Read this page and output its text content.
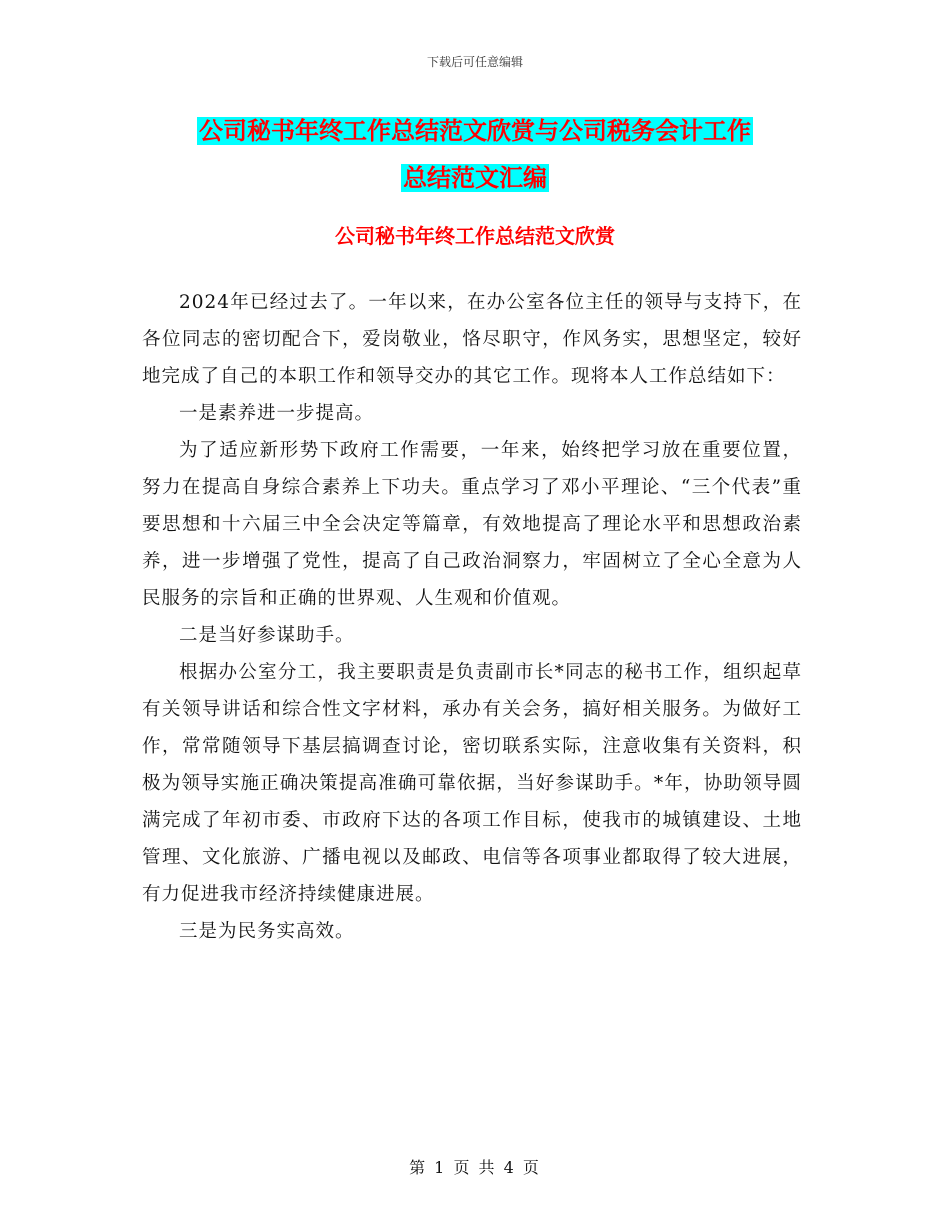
下载后可任意编辑
公司秘书年终工作总结范文欣赏与公司税务会计工作
总结范文汇编
公司秘书年终工作总结范文欣赏

2024年已经过去了。一年以来，在办公室各位主任的领导与支持下，在各位同志的密切配合下，爱岗敬业，恪尽职守，作风务实，思想坚定，较好地完成了自己的本职工作和领导交办的其它工作。现将本人工作总结如下：

一是素养进一步提高。

为了适应新形势下政府工作需要，一年来，始终把学习放在重要位置，努力在提高自身综合素养上下功夫。重点学习了邓小平理论、“三个代表”重要思想和十六届三中全会决定等篇章，有效地提高了理论水平和思想政治素养，进一步增强了党性，提高了自己政治洞察力，牢固树立了全心全意为人民服务的宗旨和正确的世界观、人生观和价值观。

二是当好参谋助手。

根据办公室分工，我主要职责是负责副市长*同志的秘书工作，组织起草有关领导讲话和综合性文字材料，承办有关会务，搞好相关服务。为做好工作，常常随领导下基层搞调查讨论，密切联系实际，注意收集有关资料，积极为领导实施正确决策提高准确可靠依据，当好参谋助手。*年，协助领导圆满完成了年初市委、市政府下达的各项工作目标，使我市的城镇建设、土地管理、文化旅游、广播电视以及邮政、电信等各项事业都取得了较大进展，有力促进我市经济持续健康进展。

三是为民务实高效。

第 1 页 共 4 页
